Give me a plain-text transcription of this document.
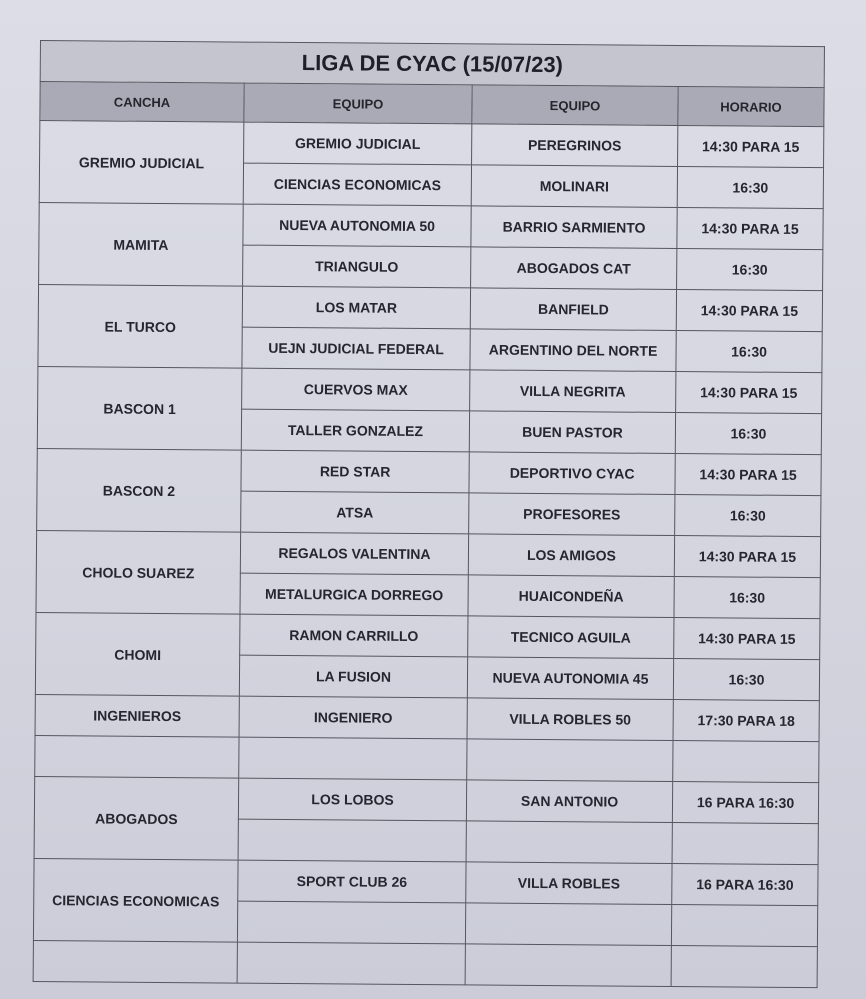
LIGA DE CYAC (15/07/23)			
CANCHA	EQUIPO	EQUIPO	HORARIO
GREMIO JUDICIAL	GREMIO JUDICIAL	PEREGRINOS	14:30 PARA 15
	CIENCIAS ECONOMICAS	MOLINARI	16:30
MAMITA	NUEVA AUTONOMIA 50	BARRIO SARMIENTO	14:30 PARA 15
	TRIANGULO	ABOGADOS CAT	16:30
EL TURCO	LOS MATAR	BANFIELD	14:30 PARA 15
	UEJN JUDICIAL FEDERAL	ARGENTINO DEL NORTE	16:30
BASCON 1	CUERVOS MAX	VILLA NEGRITA	14:30 PARA 15
	TALLER GONZALEZ	BUEN PASTOR	16:30
BASCON 2	RED STAR	DEPORTIVO CYAC	14:30 PARA 15
	ATSA	PROFESORES	16:30
CHOLO SUAREZ	REGALOS VALENTINA	LOS AMIGOS	14:30 PARA 15
	METALURGICA DORREGO	HUAICONDEÑA	16:30
CHOMI	RAMON CARRILLO	TECNICO AGUILA	14:30 PARA 15
	LA FUSION	NUEVA AUTONOMIA 45	16:30
INGENIEROS	INGENIERO	VILLA ROBLES 50	17:30 PARA 18

ABOGADOS	LOS LOBOS	SAN ANTONIO	16 PARA 16:30

CIENCIAS ECONOMICAS	SPORT CLUB 26	VILLA ROBLES	16 PARA 16:30
